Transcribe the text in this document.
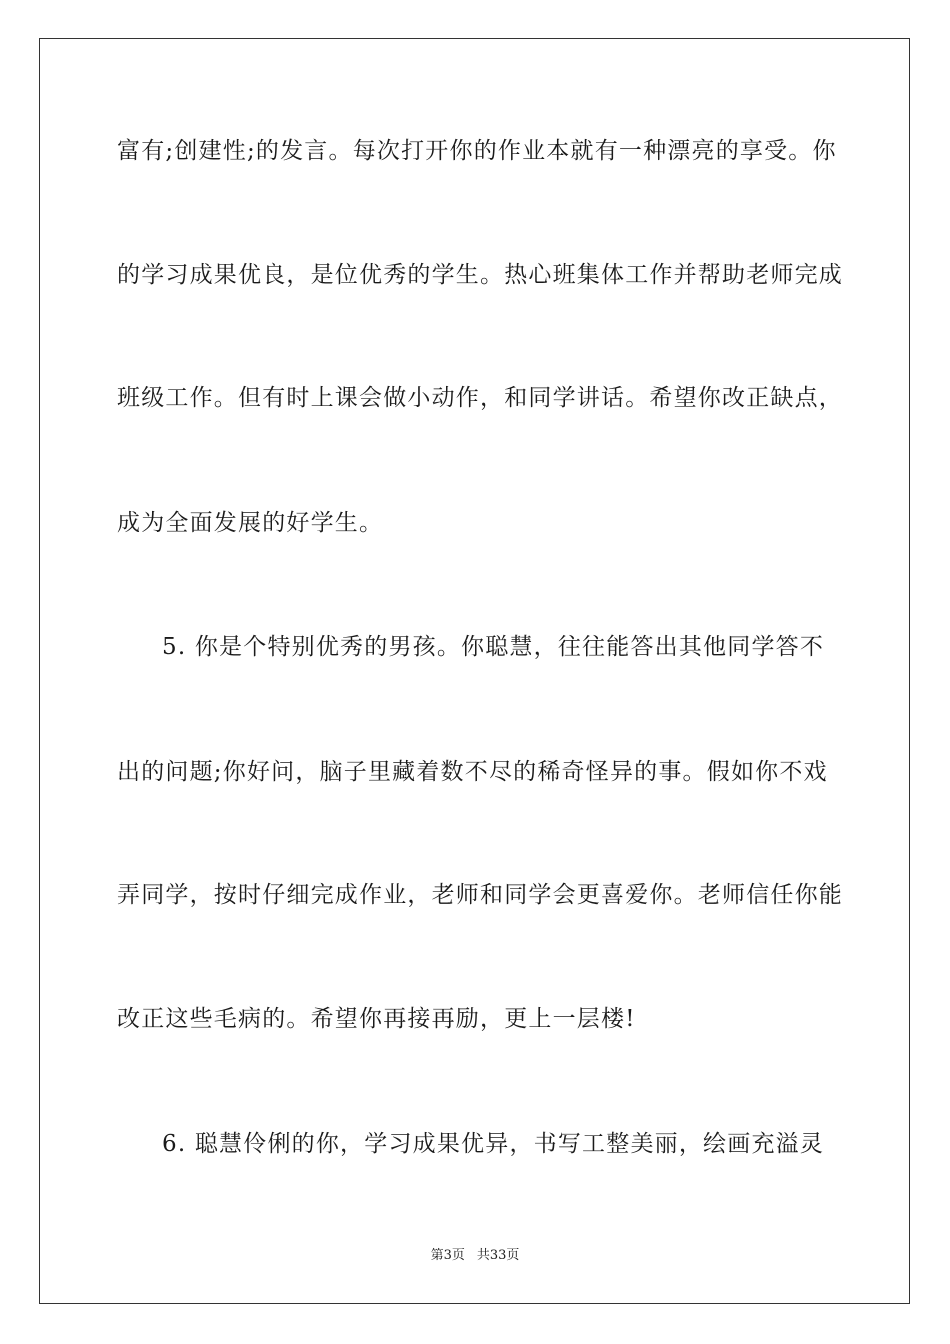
富有;创建性;的发言。每次打开你的作业本就有一种漂亮的享受。你
的学习成果优良，是位优秀的学生。热心班集体工作并帮助老师完成
班级工作。但有时上课会做小动作，和同学讲话。希望你改正缺点，
成为全面发展的好学生。
5. 你是个特别优秀的男孩。你聪慧，往往能答出其他同学答不
出的问题;你好问，脑子里藏着数不尽的稀奇怪异的事。假如你不戏
弄同学，按时仔细完成作业，老师和同学会更喜爱你。老师信任你能
改正这些毛病的。希望你再接再励，更上一层楼!
6. 聪慧伶俐的你，学习成果优异，书写工整美丽，绘画充溢灵
第3页 共33页
